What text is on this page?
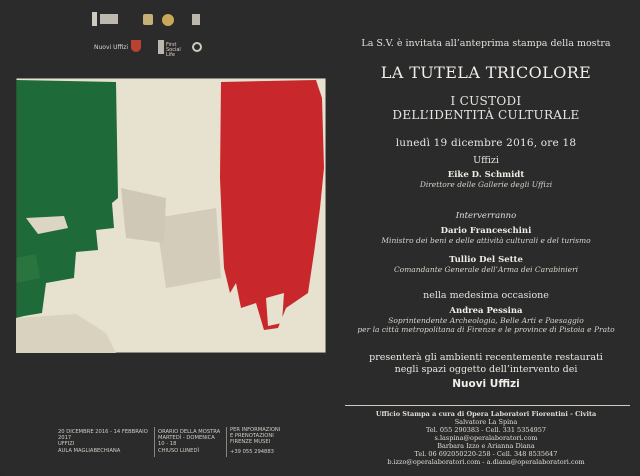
Nuovi Uffizi	First Social Life
La S.V. è invitata all’anteprima stampa della mostra
LA TUTELA TRICOLORE
I CUSTODI
DELL’IDENTITÀ CULTURALE
lunedì 19 dicembre 2016, ore 18
Uffizi
Eike D. Schmidt
Direttore delle Gallerie degli Uffizi
Interverranno
Dario Franceschini
Ministro dei beni e delle attività culturali e del turismo
Tullio Del Sette
Comandante Generale dell’Arma dei Carabinieri
nella medesima occasione
Andrea Pessina
Soprintendente Archeologia, Belle Arti e Paesaggio
per la città metropolitana di Firenze e le province di Pistoia e Prato
presenterà gli ambienti recentemente restaurati
negli spazi oggetto dell’intervento dei
Nuovi Uffizi
Ufficio Stampa a cura di Opera Laboratori Fiorentini - Civita
Salvatore La Spina
Tel. 055 290383 - Cell. 331 5354957
s.laspina@operalaboratori.com
Barbara Izzo e Arianna Diana
Tel. 06 692050220-258 - Cell. 348 8535647
b.izzo@operalaboratori.com - a.diana@operalaboratori.com
20 DICEMBRE 2016 - 14 FEBBRAIO 2017
UFFIZI
AULA MAGLIABECHIANA
ORARIO DELLA MOSTRA
MARTEDÌ - DOMENICA
10 - 18
CHIUSO LUNEDÌ
PER INFORMAZIONI
E PRENOTAZIONI
FIRENZE MUSEI
+39 055 294883
